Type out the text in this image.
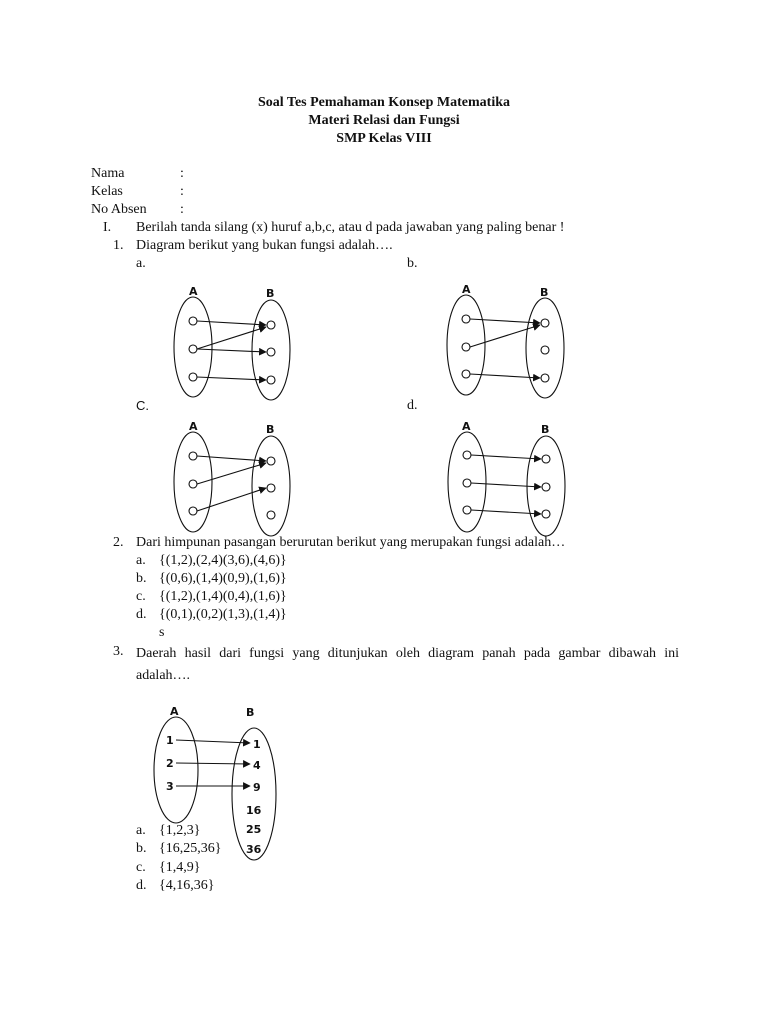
Soal Tes Pemahaman Konsep Matematika
Materi Relasi dan Fungsi
SMP Kelas VIII
Nama	:
Kelas	:
No Absen :
I. Berilah tanda silang (x) huruf a,b,c, atau d pada jawaban yang paling benar !
1. Diagram berikut yang bukan fungsi adalah….
a.	b.
C.	d.
A	B	A	B
A	B	A	B
A	B
1
2
3
1
4
9
16
25
36
2. Dari himpunan pasangan berurutan berikut yang merupakan fungsi adalah…
a. {(1,2),(2,4)(3,6),(4,6)}
b. {(0,6),(1,4)(0,9),(1,6)}
c. {(1,2),(1,4)(0,4),(1,6)}
d. {(0,1),(0,2)(1,3),(1,4)}
s
3. Daerah hasil dari fungsi yang ditunjukan oleh diagram panah pada gambar dibawah ini adalah….
a. {1,2,3}
b. {16,25,36}
c. {1,4,9}
d. {4,16,36}
